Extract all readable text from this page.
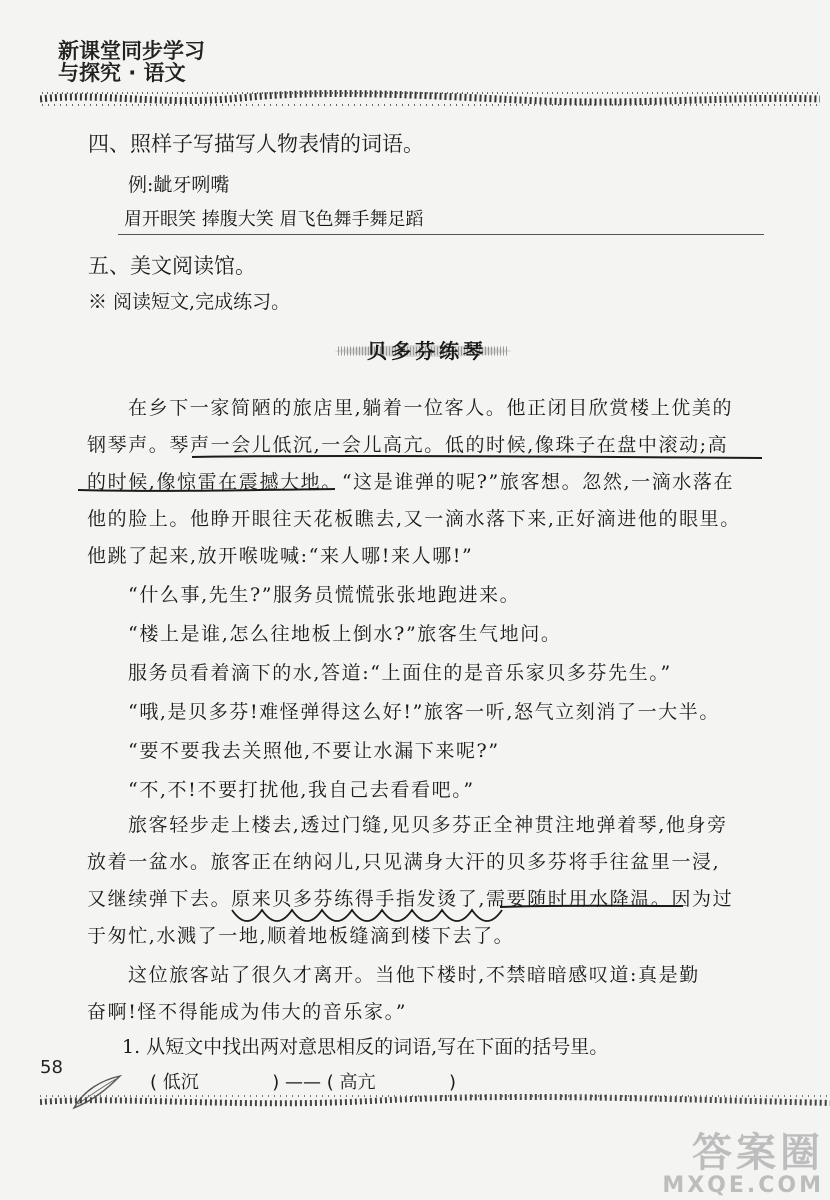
新课堂同步学习
与探究 · 语文
四、照样子写描写人物表情的词语。
例:龇牙咧嘴
眉开眼笑 捧腹大笑 眉飞色舞手舞足蹈
五、美文阅读馆。
※ 阅读短文,完成练习。
贝多芬练琴
在乡下一家简陋的旅店里,躺着一位客人。他正闭目欣赏楼上优美的
钢琴声。琴声一会儿低沉,一会儿高亢。低的时候,像珠子在盘中滚动;高
的时候,像惊雷在震撼大地。“这是谁弹的呢?”旅客想。忽然,一滴水落在
他的脸上。他睁开眼往天花板瞧去,又一滴水落下来,正好滴进他的眼里。
他跳了起来,放开喉咙喊:“来人哪!来人哪!”
“什么事,先生?”服务员慌慌张张地跑进来。
“楼上是谁,怎么往地板上倒水?”旅客生气地问。
服务员看着滴下的水,答道:“上面住的是音乐家贝多芬先生。”
“哦,是贝多芬!难怪弹得这么好!”旅客一听,怒气立刻消了一大半。
“要不要我去关照他,不要让水漏下来呢?”
“不,不!不要打扰他,我自己去看看吧。”
旅客轻步走上楼去,透过门缝,见贝多芬正全神贯注地弹着琴,他身旁
放着一盆水。旅客正在纳闷儿,只见满身大汗的贝多芬将手往盆里一浸,
又继续弹下去。原来贝多芬练得手指发烫了,需要随时用水降温。因为过
于匆忙,水溅了一地,顺着地板缝滴到楼下去了。
这位旅客站了很久才离开。当他下楼时,不禁暗暗感叹道:真是勤
奋啊!怪不得能成为伟大的音乐家。”
1. 从短文中找出两对意思相反的词语,写在下面的括号里。
( 低沉	) —— ( 高亢	)
58
答案圈
MXQE.COM
